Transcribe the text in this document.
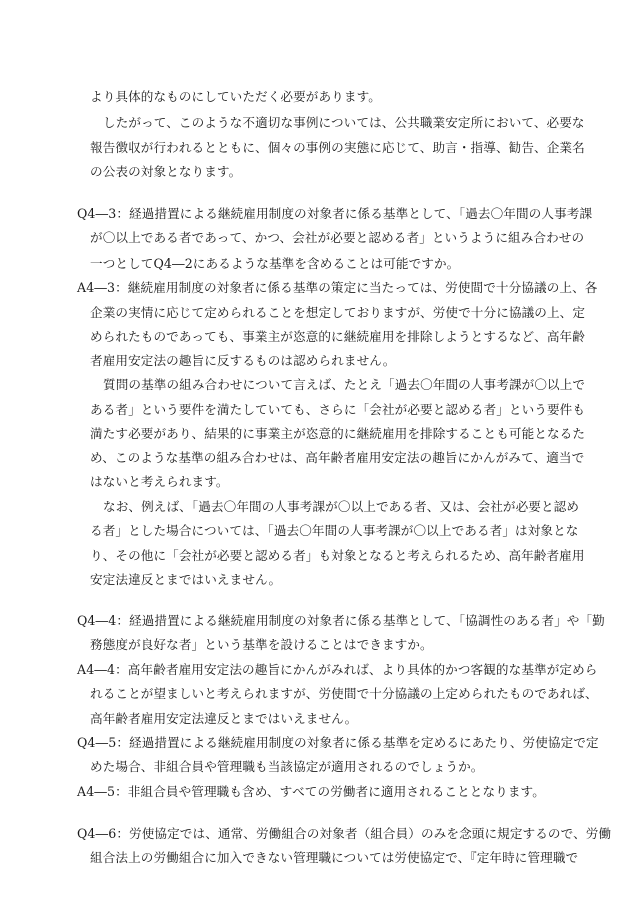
より具体的なものにしていただく必要があります。

したがって、このような不適切な事例については、公共職業安定所において、必要な

報告徴収が行われるとともに、個々の事例の実態に応じて、助言・指導、勧告、企業名

の公表の対象となります。

Q4―3：経過措置による継続雇用制度の対象者に係る基準として、「過去〇年間の人事考課

が〇以上である者であって、かつ、会社が必要と認める者」というように組み合わせの

一つとしてQ4―2にあるような基準を含めることは可能ですか。

A4―3：継続雇用制度の対象者に係る基準の策定に当たっては、労使間で十分協議の上、各

企業の実情に応じて定められることを想定しておりますが、労使で十分に協議の上、定

められたものであっても、事業主が恣意的に継続雇用を排除しようとするなど、高年齢

者雇用安定法の趣旨に反するものは認められません。

質問の基準の組み合わせについて言えば、たとえ「過去〇年間の人事考課が〇以上で

ある者」という要件を満たしていても、さらに「会社が必要と認める者」という要件も

満たす必要があり、結果的に事業主が恣意的に継続雇用を排除することも可能となるた

め、このような基準の組み合わせは、高年齢者雇用安定法の趣旨にかんがみて、適当で

はないと考えられます。

なお、例えば、「過去〇年間の人事考課が〇以上である者、又は、会社が必要と認め

る者」とした場合については、「過去〇年間の人事考課が〇以上である者」は対象とな

り、その他に「会社が必要と認める者」も対象となると考えられるため、高年齢者雇用

安定法違反とまではいえません。

Q4―4：経過措置による継続雇用制度の対象者に係る基準として、「協調性のある者」や「勤

務態度が良好な者」という基準を設けることはできますか。

A4―4：高年齢者雇用安定法の趣旨にかんがみれば、より具体的かつ客観的な基準が定めら

れることが望ましいと考えられますが、労使間で十分協議の上定められたものであれば、

高年齢者雇用安定法違反とまではいえません。

Q4―5：経過措置による継続雇用制度の対象者に係る基準を定めるにあたり、労使協定で定

めた場合、非組合員や管理職も当該協定が適用されるのでしょうか。

A4―5：非組合員や管理職も含め、すべての労働者に適用されることとなります。

Q4―6：労使協定では、通常、労働組合の対象者（組合員）のみを念頭に規定するので、労働

組合法上の労働組合に加入できない管理職については労使協定で、『定年時に管理職で
